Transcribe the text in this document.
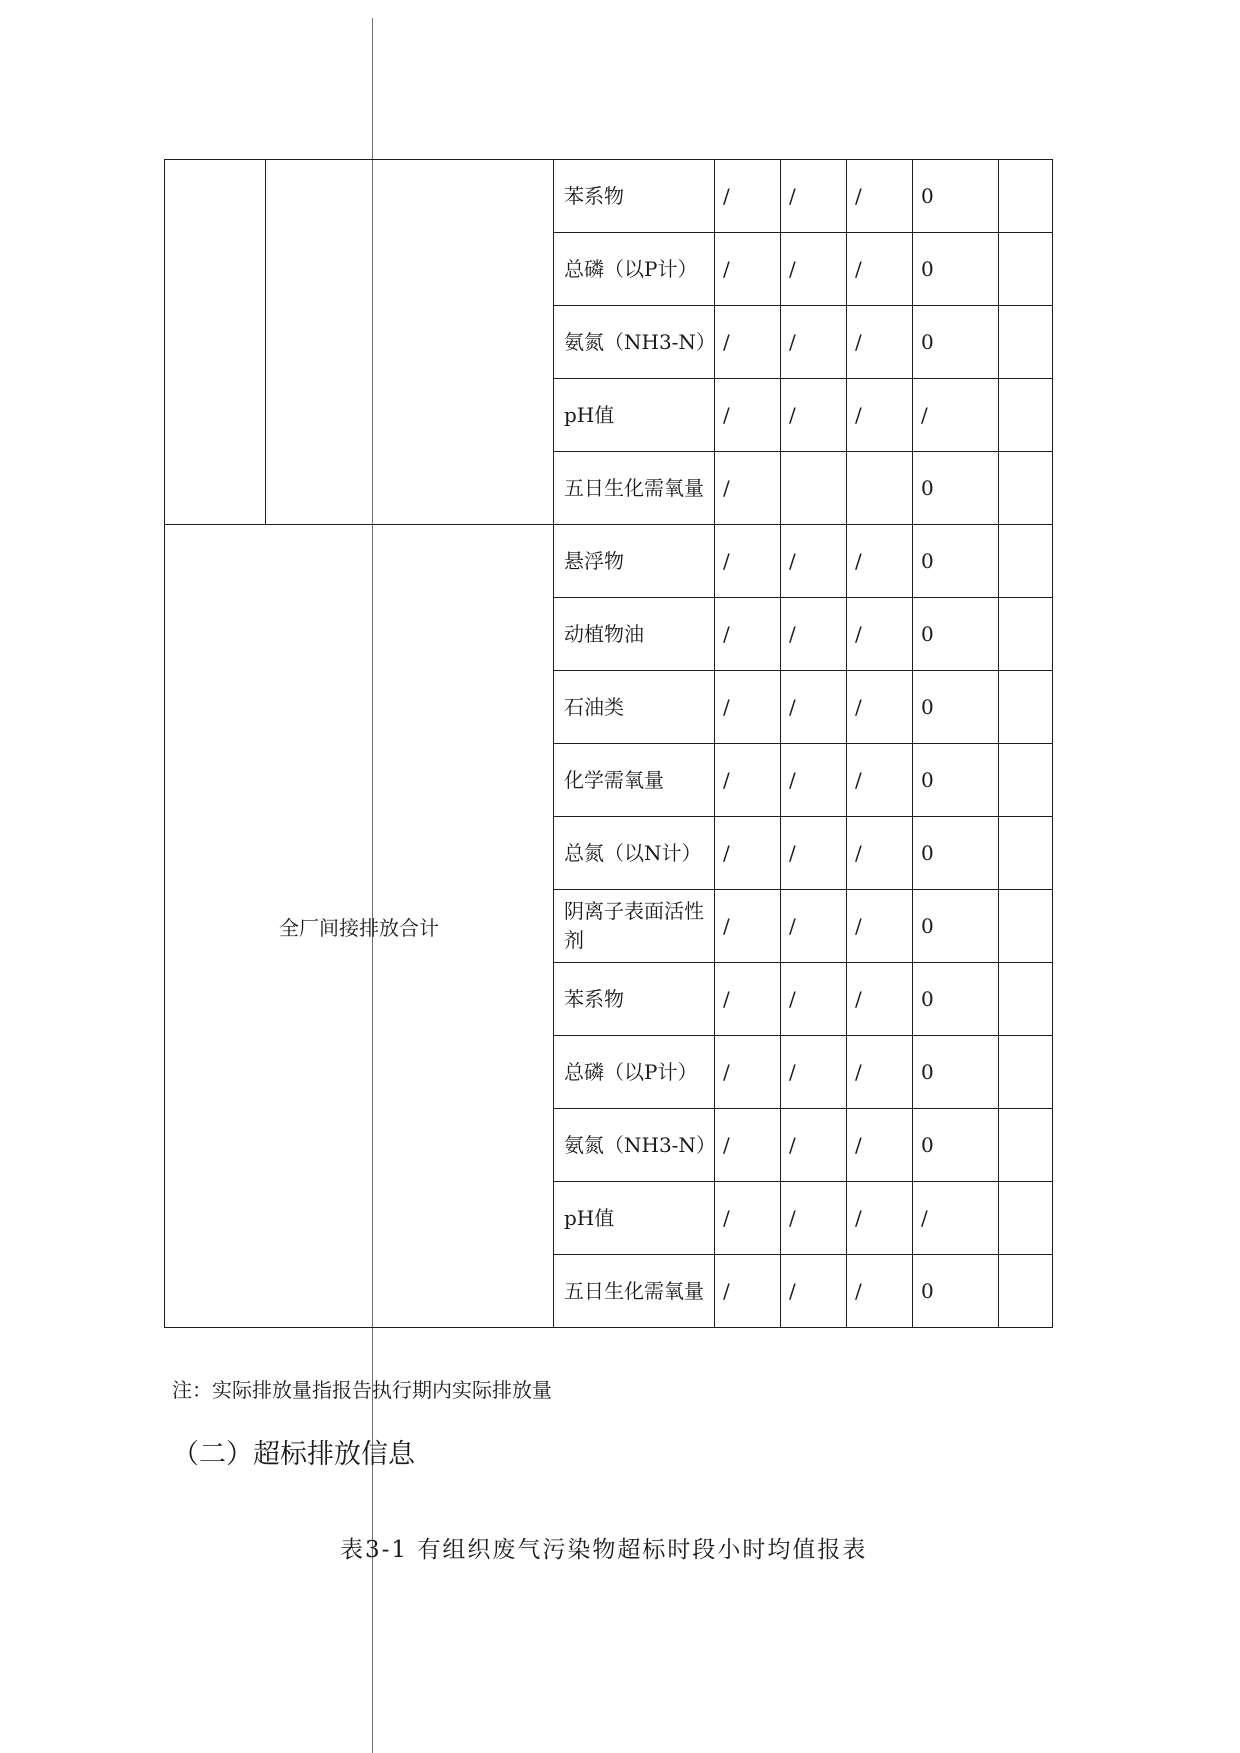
		苯系物	/	/	/	0	
		总磷（以P计）	/	/	/	0	
		氨氮（NH3-N）	/	/	/	0	
		pH值	/	/	/	/	
		五日生化需氧量	/			0	
全厂间接排放合计		悬浮物	/	/	/	0	
		动植物油	/	/	/	0	
		石油类	/	/	/	0	
		化学需氧量	/	/	/	0	
		总氮（以N计）	/	/	/	0	
		阴离子表面活性剂	/	/	/	0	
		苯系物	/	/	/	0	
		总磷（以P计）	/	/	/	0	
		氨氮（NH3-N）	/	/	/	0	
		pH值	/	/	/	/	
		五日生化需氧量	/	/	/	0	
注：实际排放量指报告执行期内实际排放量
（二）超标排放信息
表3-1 有组织废气污染物超标时段小时均值报表
